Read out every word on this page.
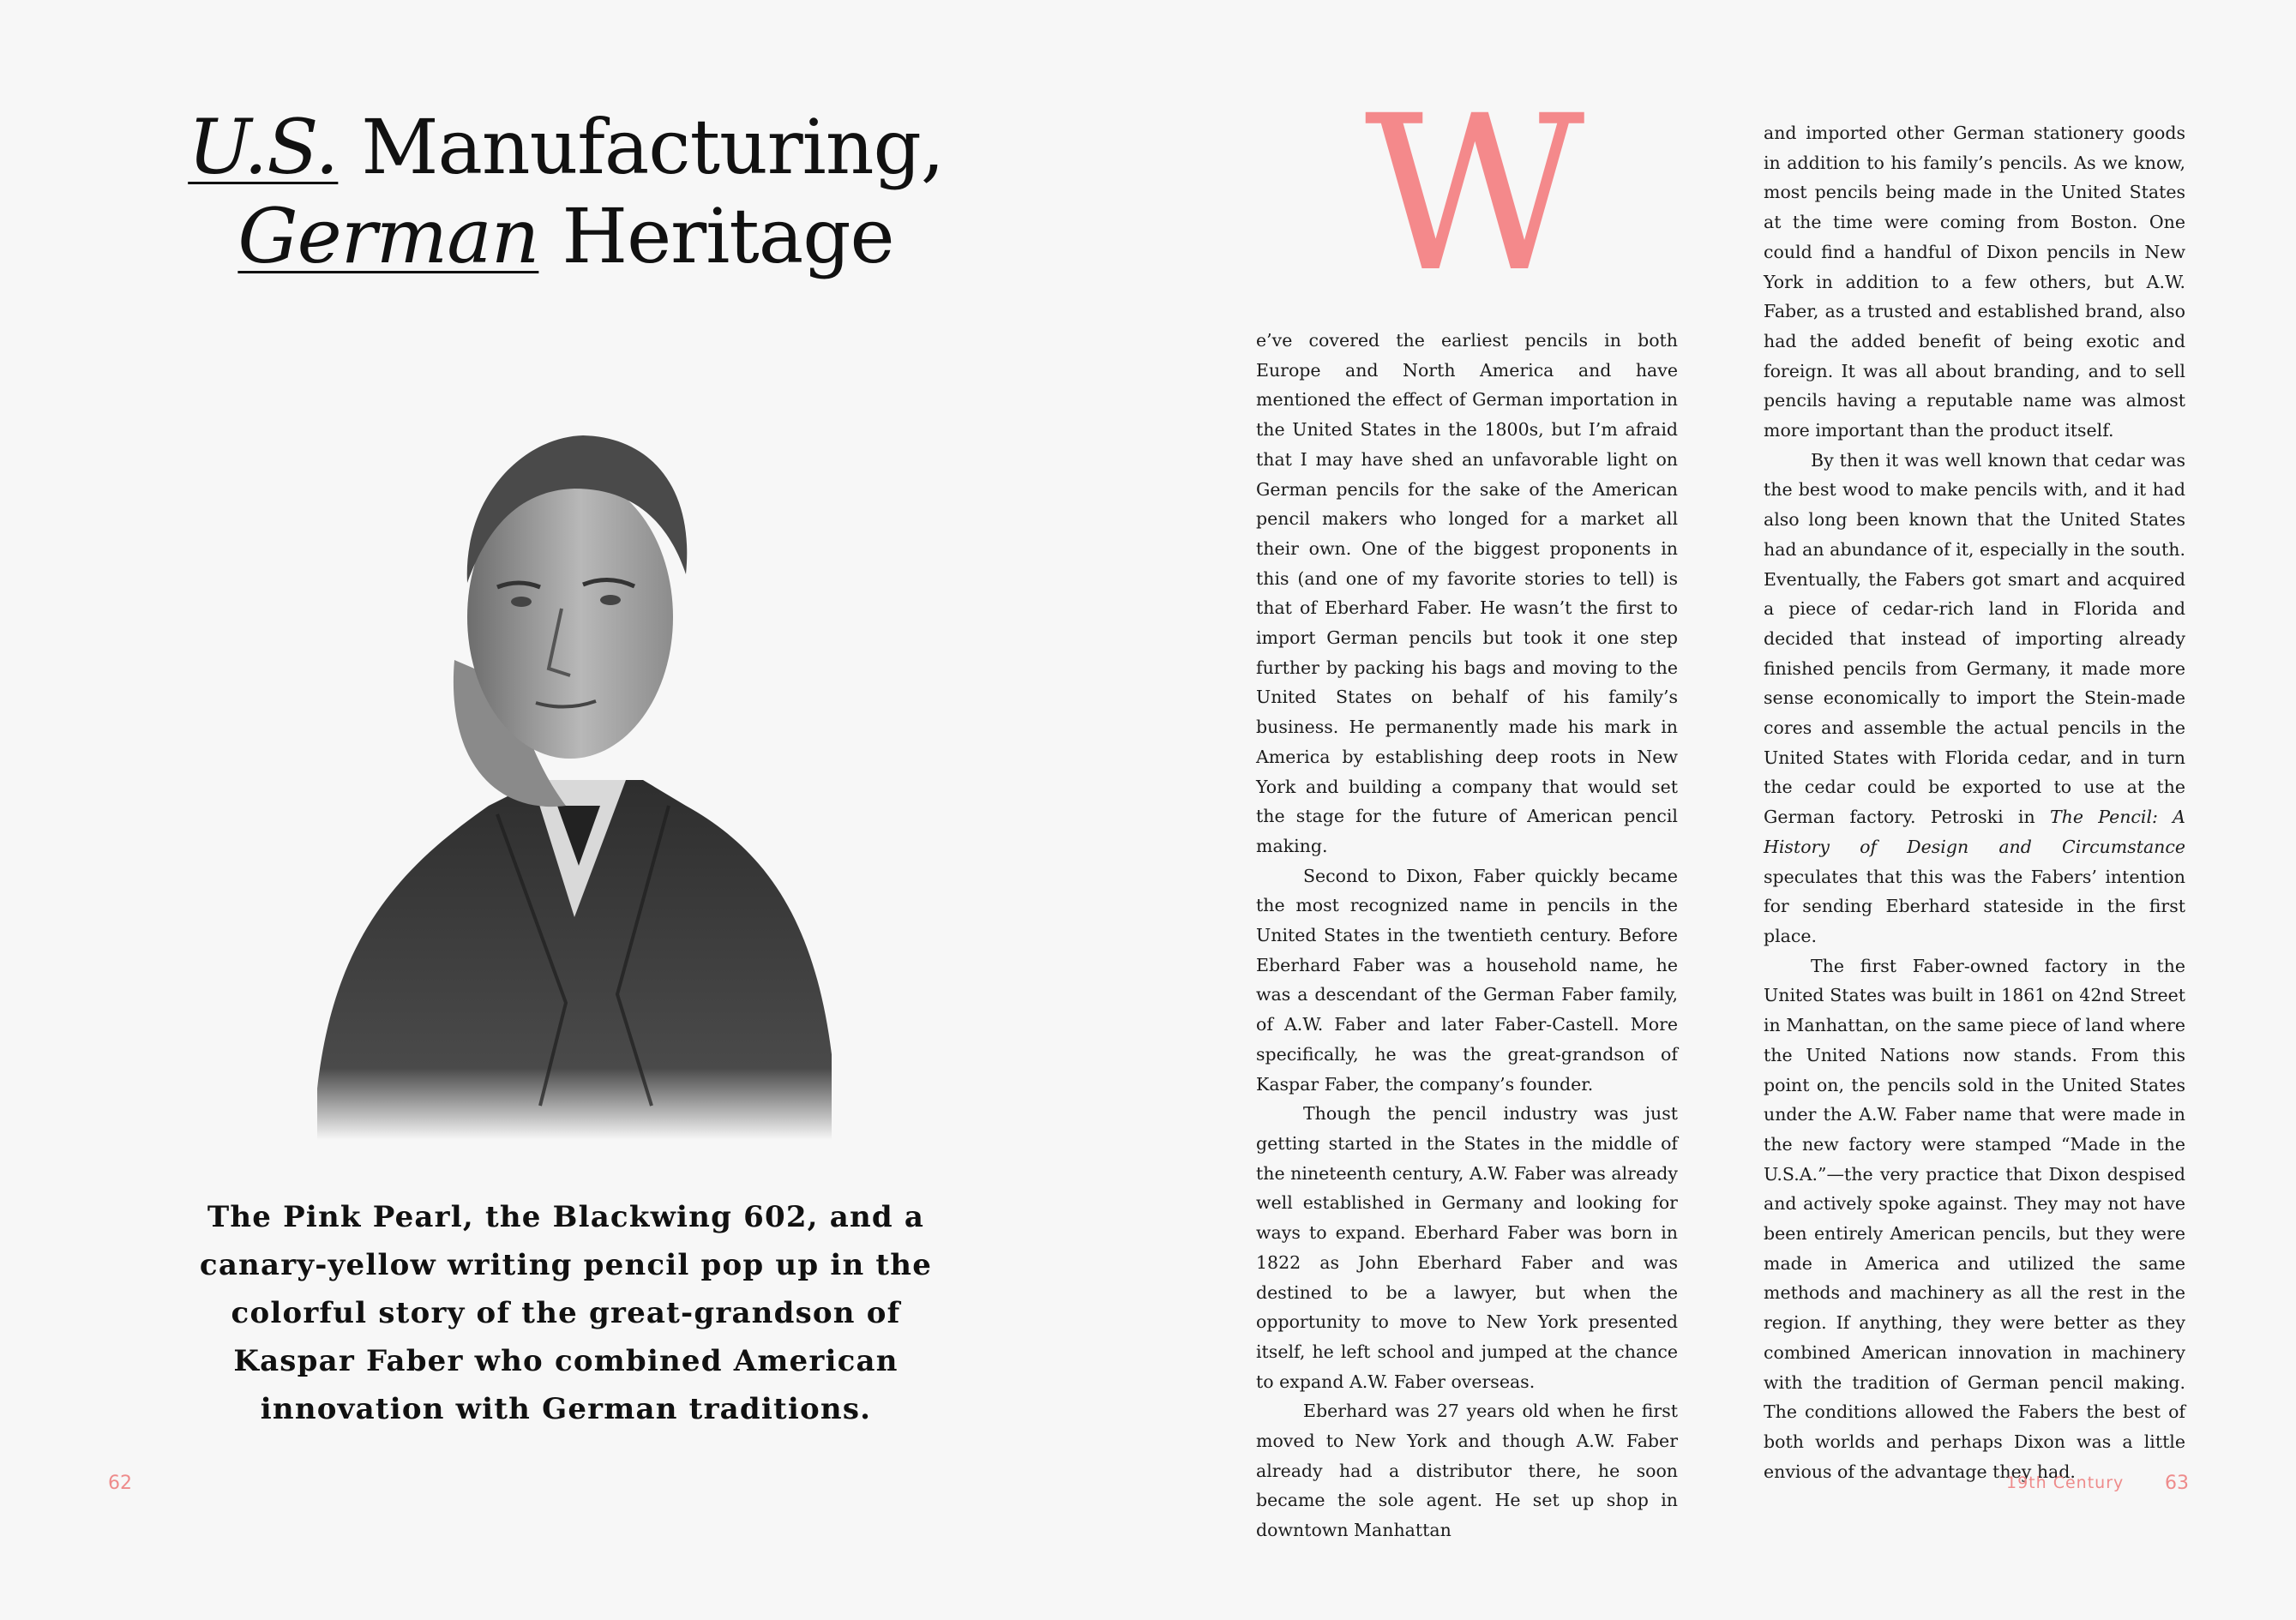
U.S. Manufacturing,
German Heritage

The Pink Pearl, the Blackwing 602, and a canary-yellow writing pencil pop up in the colorful story of the great-grandson of Kaspar Faber who combined American innovation with German traditions.

62
W

e’ve covered the earliest pencils in both Europe and North America and have mentioned the effect of German importation in the United States in the 1800s, but I’m afraid that I may have shed an unfavorable light on German pencils for the sake of the American pencil makers who longed for a market all their own. One of the biggest proponents in this (and one of my favorite stories to tell) is that of Eberhard Faber. He wasn’t the first to import German pencils but took it one step further by packing his bags and moving to the United States on behalf of his family’s business. He permanently made his mark in America by establishing deep roots in New York and building a company that would set the stage for the future of American pencil making.

Second to Dixon, Faber quickly became the most recognized name in pencils in the United States in the twentieth century. Before Eberhard Faber was a household name, he was a descendant of the German Faber family, of A.W. Faber and later Faber-Castell. More specifically, he was the great-grandson of Kaspar Faber, the company’s founder.

Though the pencil industry was just getting started in the States in the middle of the nineteenth century, A.W. Faber was already well established in Germany and looking for ways to expand. Eberhard Faber was born in 1822 as John Eberhard Faber and was destined to be a lawyer, but when the opportunity to move to New York presented itself, he left school and jumped at the chance to expand A.W. Faber overseas.

Eberhard was 27 years old when he first moved to New York and though A.W. Faber already had a distributor there, he soon became the sole agent. He set up shop in downtown Manhattan

and imported other German stationery goods in addition to his family’s pencils. As we know, most pencils being made in the United States at the time were coming from Boston. One could find a handful of Dixon pencils in New York in addition to a few others, but A.W. Faber, as a trusted and established brand, also had the added benefit of being exotic and foreign. It was all about branding, and to sell pencils having a reputable name was almost more important than the product itself.

By then it was well known that cedar was the best wood to make pencils with, and it had also long been known that the United States had an abundance of it, especially in the south. Eventually, the Fabers got smart and acquired a piece of cedar-rich land in Florida and decided that instead of importing already finished pencils from Germany, it made more sense economically to import the Stein-made cores and assemble the actual pencils in the United States with Florida cedar, and in turn the cedar could be exported to use at the German factory. Petroski in The Pencil: A History of Design and Circumstance speculates that this was the Fabers’ intention for sending Eberhard stateside in the first place.

The first Faber-owned factory in the United States was built in 1861 on 42nd Street in Manhattan, on the same piece of land where the United Nations now stands. From this point on, the pencils sold in the United States under the A.W. Faber name that were made in the new factory were stamped “Made in the U.S.A.”—the very practice that Dixon despised and actively spoke against. They may not have been entirely American pencils, but they were made in America and utilized the same methods and machinery as all the rest in the region. If anything, they were better as they combined American innovation in machinery with the tradition of German pencil making. The conditions allowed the Fabers the best of both worlds and perhaps Dixon was a little envious of the advantage they had.

19th Century 63
